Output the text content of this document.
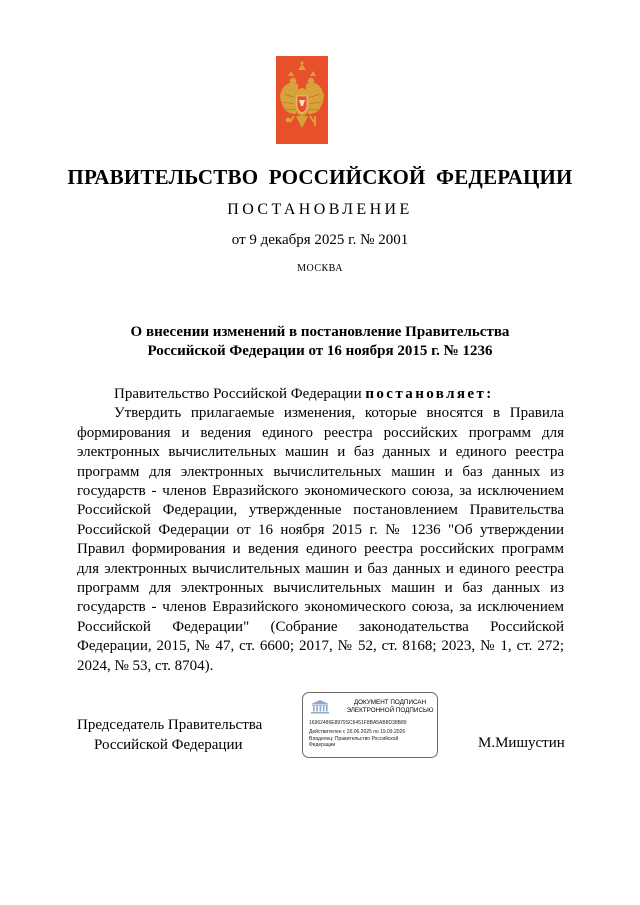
ПРАВИТЕЛЬСТВО РОССИЙСКОЙ ФЕДЕРАЦИИ
ПОСТАНОВЛЕНИЕ
от 9 декабря 2025 г. № 2001
МОСКВА
О внесении изменений в постановление Правительства
Российской Федерации от 16 ноября 2015 г. № 1236

Правительство Российской Федерации постановляет:

Утвердить прилагаемые изменения, которые вносятся в Правила формирования и ведения единого реестра российских программ для электронных вычислительных машин и баз данных и единого реестра программ для электронных вычислительных машин и баз данных из государств - членов Евразийского экономического союза, за исключением Российской Федерации, утвержденные постановлением Правительства Российской Федерации от 16 ноября 2015 г. № 1236 "Об утверждении Правил формирования и ведения единого реестра российских программ для электронных вычислительных машин и баз данных и единого реестра программ для электронных вычислительных машин и баз данных из государств - членов Евразийского экономического союза, за исключением Российской Федерации" (Собрание законодательства Российской Федерации, 2015, № 47, ст. 6600; 2017, № 52, ст. 8168; 2023, № 1, ст. 272; 2024, № 53, ст. 8704).

Председатель Правительства
Российской Федерации
ДОКУМЕНТ ПОДПИСАН
ЭЛЕКТРОННОЙ ПОДПИСЬЮ
16962486E8979SC6451F8BA5AB8D38B89
Действителен с 26.06.2025 по 19.09.2026
Владелец: Правительство Российской
Федерации	М.Мишустин
